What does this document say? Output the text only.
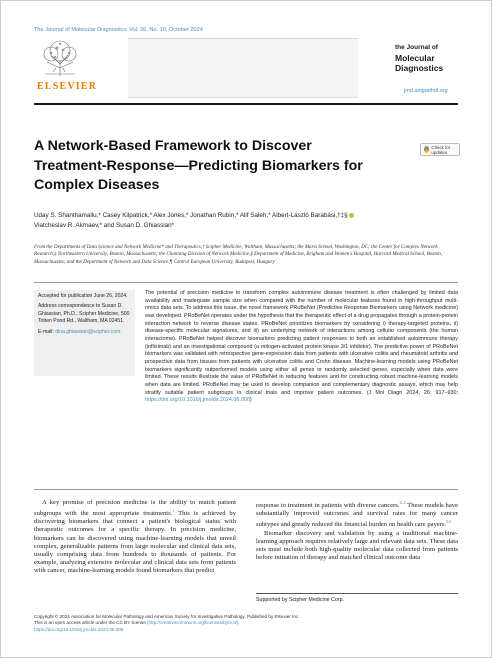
The Journal of Molecular Diagnostics, Vol. 26, No. 10, October 2024
ELSEVIER
the Journal of
Molecular
Diagnostics
jmd.amjpathol.org
A Network-Based Framework to Discover Treatment-Response—Predicting Biomarkers for Complex Diseases
Check for updates
Uday S. Shanthamallu,* Casey Kilpatrick,* Alex Jones,* Jonathan Rubin,* Alif Saleh,* Albert-László Barabási,†‡§
Viatcheslav R. Akmaev,* and Susan D. Ghiassian*
From the Departments of Data Science and Network Medicine* and Therapeutics,† Scipher Medicine, Waltham, Massachusetts; the Marsi School, Washington, DC; the Center for Complex Network Research,‡ Northeastern University, Boston, Massachusetts; the Channing Division of Network Medicine,§ Department of Medicine, Brigham and Women's Hospital, Harvard Medical School, Boston, Massachusetts; and the Department of Network and Data Science,¶ Central European University, Budapest, Hungary
Accepted for publication June 26, 2024.
Address correspondence to Susan D. Ghiassian, Ph.D., Scipher Medicine, 500 Totten Pond Rd., Waltham, MA 02451.
E-mail: dina.ghiassian@scipher.com.
The potential of precision medicine to transform complex autoimmune disease treatment is often challenged by limited data availability and inadequate sample size when compared with the number of molecular features found in high-throughput multi-omics data sets. To address this issue, the novel framework PRoBeNet (Predictive Response Biomarkers using Network medicine) was developed. PRoBeNet operates under the hypothesis that the therapeutic effect of a drug propagates through a protein-protein interaction network to reverse disease states. PRoBeNet prioritizes biomarkers by considering i) therapy-targeted proteins, ii) disease-specific molecular signatures, and iii) an underlying network of interactions among cellular components (the human interactome). PRoBeNet helped discover biomarkers predicting patient responses to both an established autoimmune therapy (infliximab) and an investigational compound (a mitogen-activated protein kinase 3/1 inhibitor). The predictive power of PRoBeNet biomarkers was validated with retrospective gene-expression data from patients with ulcerative colitis and rheumatoid arthritis and prospective data from tissues from patients with ulcerative colitis and Crohn disease. Machine-learning models using PRoBeNet biomarkers significantly outperformed models using either all genes or randomly selected genes, especially when data were limited. These results illustrate the value of PRoBeNet in reducing features and for constructing robust machine-learning models when data are limited. PRoBeNet may be used to develop companion and complementary diagnostic assays, which may help stratify suitable patient subgroups in clinical trials and improve patient outcomes. (J Mol Diagn 2024, 26: 917–930; https://doi.org/10.1016/j.jmoldx.2024.06.008)

A key promise of precision medicine is the ability to match patient subgroups with the most appropriate treatments.$^1$ This is achieved by discovering biomarkers that connect a patient's biological status with therapeutic outcomes for a specific therapy. In precision medicine, biomarkers can be discovered using machine-learning models that unveil complex, generalizable patterns from large molecular and clinical data sets, usually comprising data from hundreds to thousands of patients. For example, analyzing extensive molecular and clinical data sets from patients with cancer, machine-learning models found biomarkers that predict

response to treatment in patients with diverse cancers.$^{2-4}$ These models have substantially improved outcomes and survival rates for many cancer subtypes and greatly reduced the financial burden on health care payers.$^{5,6}$

Biomarker discovery and validation by using a traditional machine-learning approach requires relatively large and relevant data sets. These data sets must include both high-quality molecular data collected from patients before initiation of therapy and matched clinical outcome data

Supported by Scipher Medicine Corp.
Copyright © 2024 Association for Molecular Pathology and American Society for Investigative Pathology. Published by Elsevier Inc.
This is an open access article under the CC BY license (http://creativecommons.org/licenses/by/4.0/).
https://doi.org/10.1016/j.jmoldx.2024.06.008
